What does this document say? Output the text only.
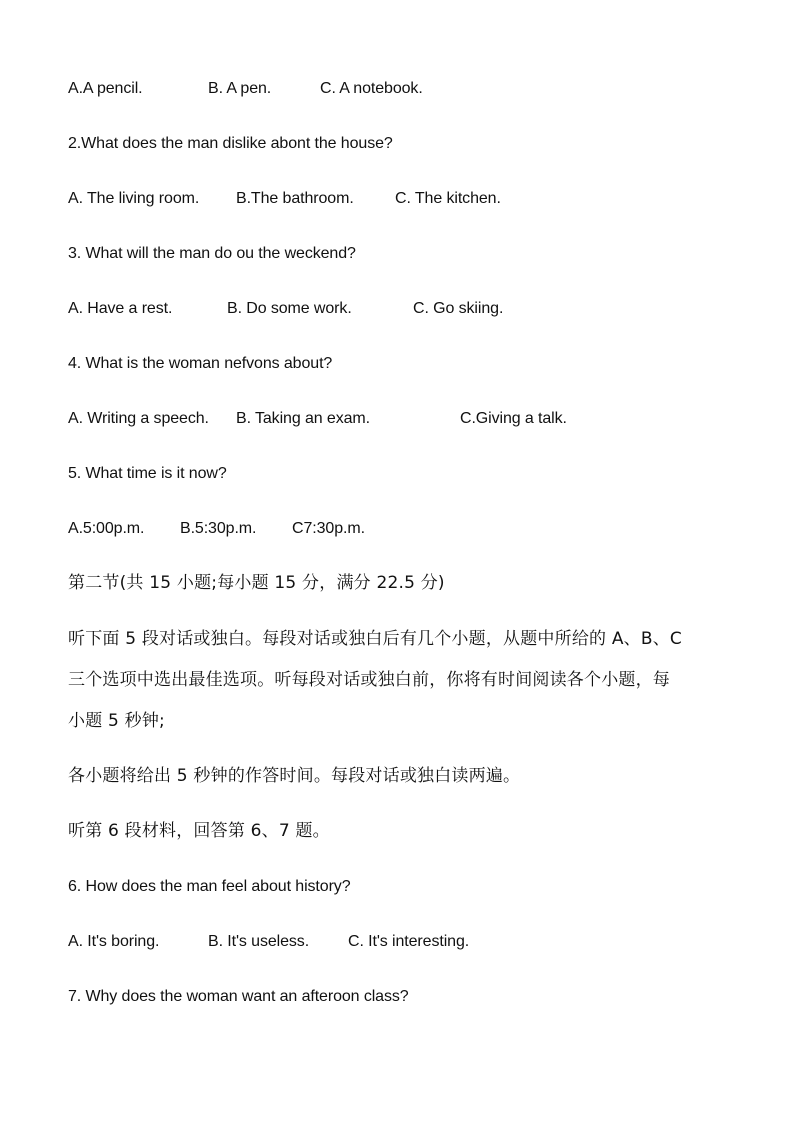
A.A pencil.	B. A pen.	C. A notebook.
2.What does the man dislike abont the house?
A. The living room. B.The bathroom.	C. The kitchen.
3. What will the man do ou the weckend?
A. Have a rest.	B. Do some work.	C. Go skiing.
4. What is the woman nefvons about?
A. Writing a speech. B. Taking an exam.	C.Giving a talk.
5. What time is it now?
A.5:00p.m. B.5:30p.m. C7:30p.m.
第二节(共 15 小题;每小题 15 分，满分 22.5 分)
听下面 5 段对话或独白。每段对话或独白后有几个小题，从题中所给的 A、B、C
三个选项中选出最佳选项。听每段对话或独白前，你将有时间阅读各个小题，每
小题 5 秒钟;
各小题将给出 5 秒钟的作答时间。每段对话或独白读两遍。
听第 6 段材料，回答第 6、7 题。
6. How does the man feel about history?
A. It's boring.	B. It's useless. C. It's interesting.
7. Why does the woman want an afteroon class?
